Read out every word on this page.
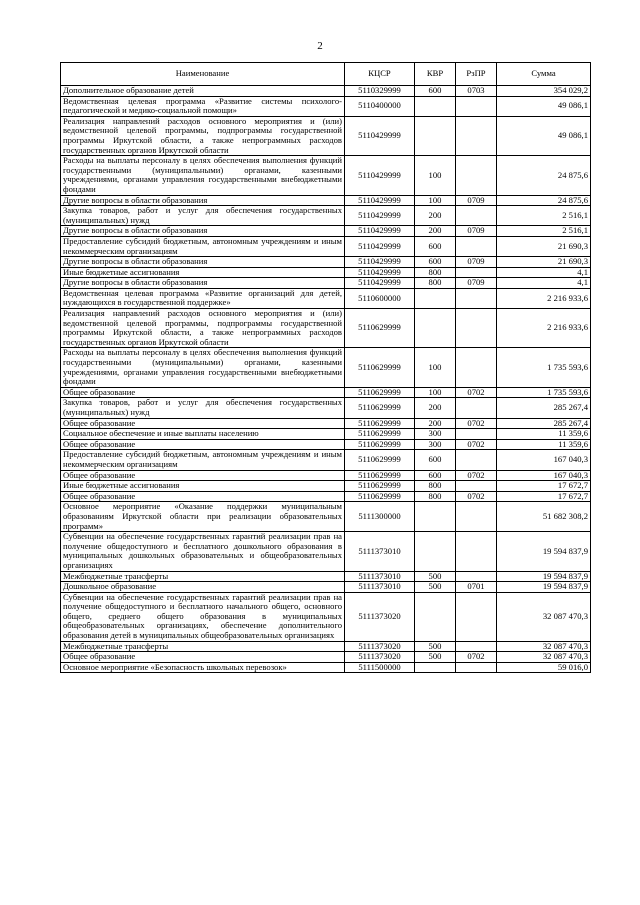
2
Наименование	КЦСР	КВР	РзПР	Сумма
Дополнительное образование детей	5110329999	600	0703	354 029,2
Ведомственная целевая программа «Развитие системы психолого-педагогической и медико-социальной помощи»	5110400000			49 086,1
Реализация направлений расходов основного мероприятия и (или) ведомственной целевой программы, подпрограммы государственной программы Иркутской области, а также непрограммных расходов государственных органов Иркутской области	5110429999			49 086,1
Расходы на выплаты персоналу в целях обеспечения выполнения функций государственными (муниципальными) органами, казенными учреждениями, органами управления государственными внебюджетными фондами	5110429999	100		24 875,6
Другие вопросы в области образования	5110429999	100	0709	24 875,6
Закупка товаров, работ и услуг для обеспечения государственных (муниципальных) нужд	5110429999	200		2 516,1
Другие вопросы в области образования	5110429999	200	0709	2 516,1
Предоставление субсидий бюджетным, автономным учреждениям и иным некоммерческим организациям	5110429999	600		21 690,3
Другие вопросы в области образования	5110429999	600	0709	21 690,3
Иные бюджетные ассигнования	5110429999	800		4,1
Другие вопросы в области образования	5110429999	800	0709	4,1
Ведомственная целевая программа «Развитие организаций для детей, нуждающихся в государственной поддержке»	5110600000			2 216 933,6
Реализация направлений расходов основного мероприятия и (или) ведомственной целевой программы, подпрограммы государственной программы Иркутской области, а также непрограммных расходов государственных органов Иркутской области	5110629999			2 216 933,6
Расходы на выплаты персоналу в целях обеспечения выполнения функций государственными (муниципальными) органами, казенными учреждениями, органами управления государственными внебюджетными фондами	5110629999	100		1 735 593,6
Общее образование	5110629999	100	0702	1 735 593,6
Закупка товаров, работ и услуг для обеспечения государственных (муниципальных) нужд	5110629999	200		285 267,4
Общее образование	5110629999	200	0702	285 267,4
Социальное обеспечение и иные выплаты населению	5110629999	300		11 359,6
Общее образование	5110629999	300	0702	11 359,6
Предоставление субсидий бюджетным, автономным учреждениям и иным некоммерческим организациям	5110629999	600		167 040,3
Общее образование	5110629999	600	0702	167 040,3
Иные бюджетные ассигнования	5110629999	800		17 672,7
Общее образование	5110629999	800	0702	17 672,7
Основное мероприятие «Оказание поддержки муниципальным образованиям Иркутской области при реализации образовательных программ»	5111300000			51 682 308,2
Субвенции на обеспечение государственных гарантий реализации прав на получение общедоступного и бесплатного дошкольного образования в муниципальных дошкольных образовательных и общеобразовательных организациях	5111373010			19 594 837,9
Межбюджетные трансферты	5111373010	500		19 594 837,9
Дошкольное образование	5111373010	500	0701	19 594 837,9
Субвенции на обеспечение государственных гарантий реализации прав на получение общедоступного и бесплатного начального общего, основного общего, среднего общего образования в муниципальных общеобразовательных организациях, обеспечение дополнительного образования детей в муниципальных общеобразовательных организациях	5111373020			32 087 470,3
Межбюджетные трансферты	5111373020	500		32 087 470,3
Общее образование	5111373020	500	0702	32 087 470,3
Основное мероприятие «Безопасность школьных перевозок»	5111500000			59 016,0
